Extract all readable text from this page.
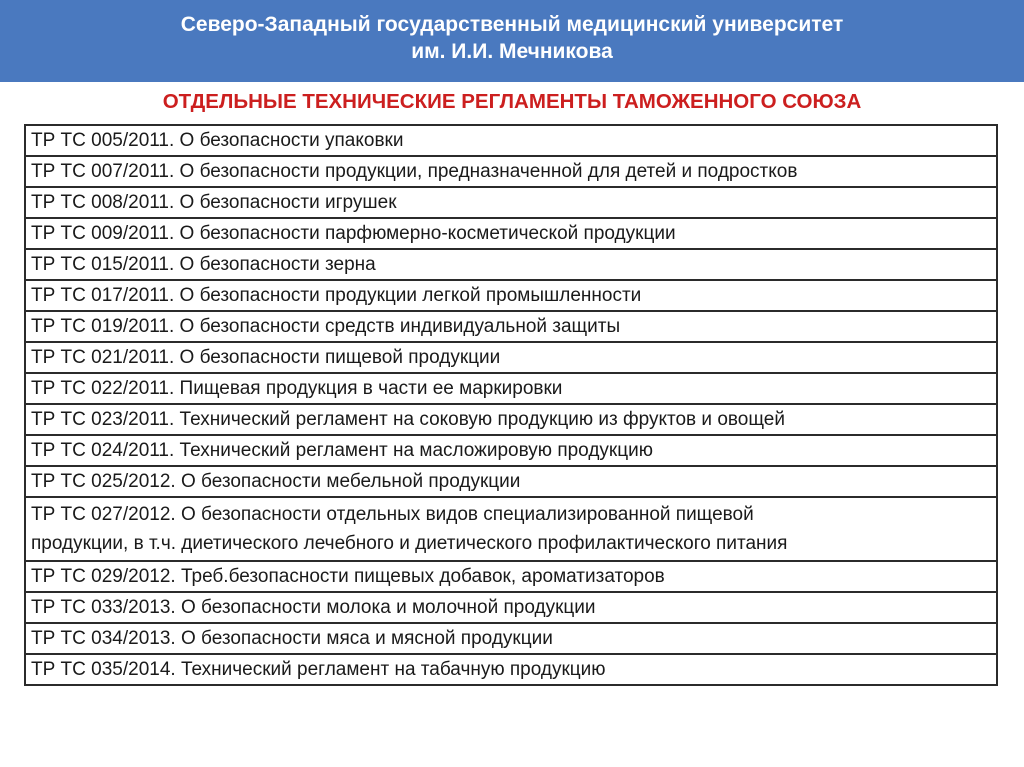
Северо-Западный государственный медицинский университет
им. И.И. Мечникова
ОТДЕЛЬНЫЕ ТЕХНИЧЕСКИЕ РЕГЛАМЕНТЫ ТАМОЖЕННОГО СОЮЗА
ТР ТС 005/2011. О безопасности упаковки

ТР ТС 007/2011. О безопасности продукции, предназначенной для детей и подростков

ТР ТС 008/2011. О безопасности игрушек

ТР ТС 009/2011. О безопасности парфюмерно-косметической продукции

ТР ТС 015/2011. О безопасности зерна

ТР ТС 017/2011. О безопасности продукции легкой промышленности

ТР ТС 019/2011. О безопасности средств индивидуальной защиты

ТР ТС 021/2011. О безопасности пищевой продукции

ТР ТС 022/2011. Пищевая продукция в части ее маркировки

ТР ТС 023/2011. Технический регламент на соковую продукцию из фруктов и овощей

ТР ТС 024/2011. Технический регламент на масложировую продукцию

ТР ТС 025/2012. О безопасности мебельной продукции

ТР ТС 027/2012. О безопасности отдельных видов специализированной пищевой
продукции, в т.ч. диетического лечебного и диетического профилактического питания

ТР ТС 029/2012. Треб.безопасности пищевых добавок, ароматизаторов

ТР ТС 033/2013. О безопасности молока и молочной продукции

ТР ТС 034/2013. О безопасности мяса и мясной продукции

ТР ТС 035/2014. Технический регламент на табачную продукцию
